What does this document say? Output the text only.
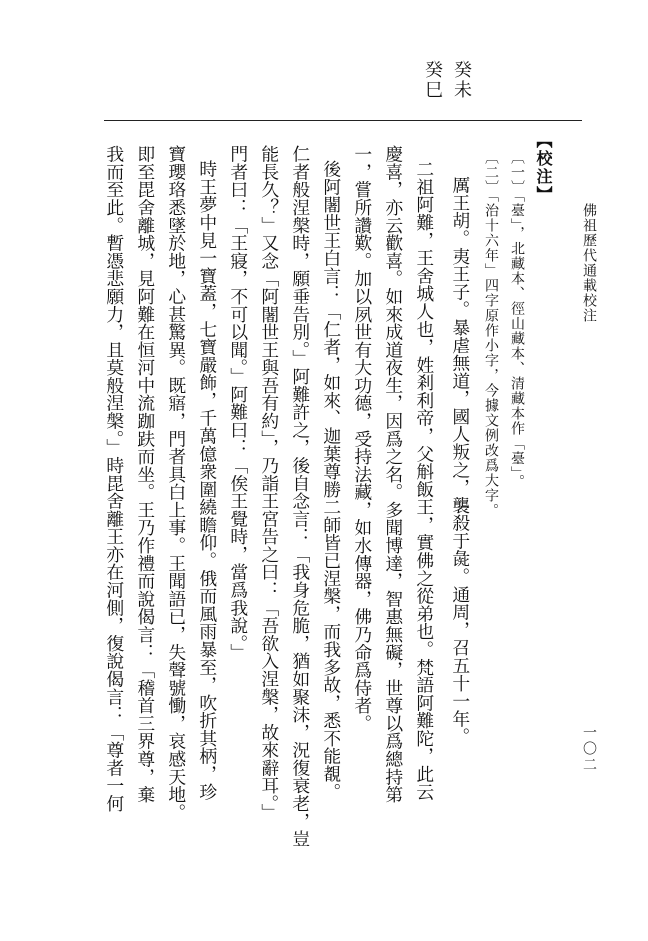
佛祖歷代通載校注
一〇二
癸未
癸巳
【校注】
〔一〕「臺」，北藏本、徑山藏本、清藏本作「臺」。
〔二〕「治十六年」四字原作小字，今據文例改爲大字。
厲王胡。夷王子。暴虐無道，國人叛之，襲殺于彘。通周，召五十一年。
二祖阿難，王舍城人也，姓剎利帝，父斛飯王，實佛之從弟也。梵語阿難陀，此云
慶喜，亦云歡喜。如來成道夜生，因爲之名。多聞博達，智惠無礙，世尊以爲總持第
一，嘗所讚歎。加以夙世有大功德，受持法藏，如水傳器，佛乃命爲侍者。
後阿闍世王白言：「仁者，如來、迦葉尊勝二師皆已涅槃，而我多故，悉不能覩。
仁者般涅槃時，願垂告別。」阿難許之，後自念言：「我身危脆，猶如聚沫，況復衰老，豈
能長久？」又念「阿闍世王與吾有約」，乃詣王宮告之曰：「吾欲入涅槃，故來辭耳。」
門者曰：「王寢，不可以聞。」阿難曰：「俟王覺時，當爲我說。」
時王夢中見一寶蓋，七寶嚴飾，千萬億衆圍繞瞻仰。俄而風雨暴至，吹折其柄，珍
寶瓔珞悉墜於地，心甚驚異。既寤，門者具白上事。王聞語已，失聲號慟，哀感天地。
即至毘舍離城，見阿難在恒河中流跏趺而坐。王乃作禮而說偈言：「稽首三界尊，棄
我而至此。暫憑悲願力，且莫般涅槃。」時毘舍離王亦在河側，復說偈言：「尊者一何
